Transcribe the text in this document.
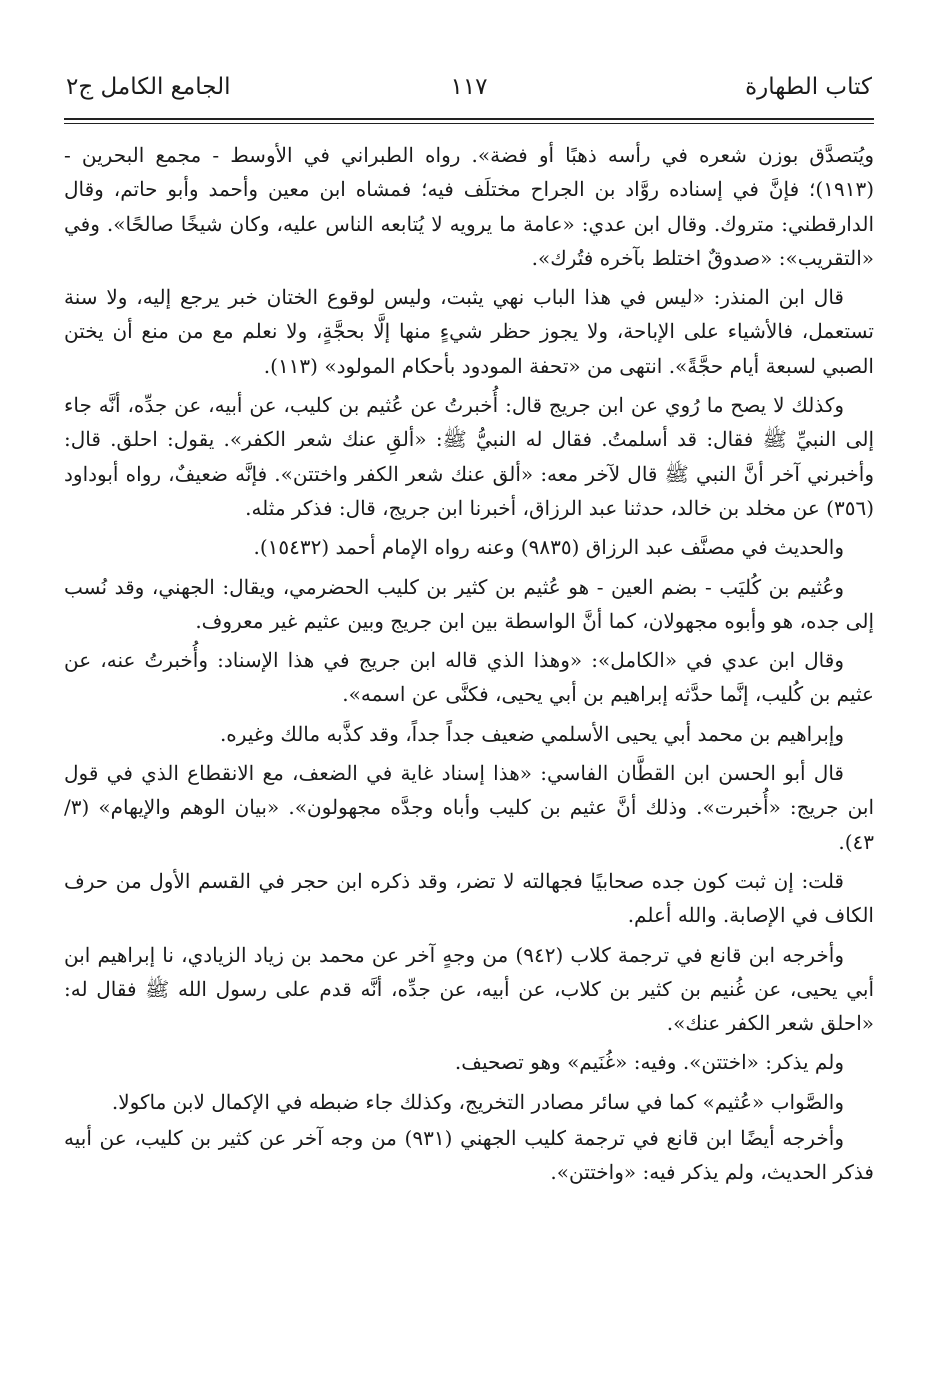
كتاب الطهارة
١١٧
الجامع الكامل ج٢

ويُتصدَّق بوزن شعره في رأسه ذهبًا أو فضة». رواه الطبراني في الأوسط - مجمع البحرين - (١٩١٣)؛ فإنَّ في إسناده روَّاد بن الجراح مختلَف فيه؛ فمشاه ابن معين وأحمد وأبو حاتم، وقال الدارقطني: متروك. وقال ابن عدي: «عامة ما يرويه لا يُتابعه الناس عليه، وكان شيخًا صالحًا». وفي «التقريب»: «صدوقٌ اختلط بآخره فتُرك».

قال ابن المنذر: «ليس في هذا الباب نهي يثبت، وليس لوقوع الختان خبر يرجع إليه، ولا سنة تستعمل، فالأشياء على الإباحة، ولا يجوز حظر شيءٍ منها إلَّا بحجَّةٍ، ولا نعلم مع من منع أن يختن الصبي لسبعة أيام حجَّةً». انتهى من «تحفة المودود بأحكام المولود» (١١٣).

وكذلك لا يصح ما رُوي عن ابن جريج قال: أُخبرتُ عن عُثيم بن كليب، عن أبيه، عن جدِّه، أنَّه جاء إلى النبيِّ ﷺ فقال: قد أسلمتُ. فقال له النبيُّ ﷺ: «ألقِ عنك شعر الكفر». يقول: احلق. قال: وأخبرني آخر أنَّ النبي ﷺ قال لآخر معه: «ألق عنك شعر الكفر واختتن». فإنَّه ضعيفٌ، رواه أبوداود (٣٥٦) عن مخلد بن خالد، حدثنا عبد الرزاق، أخبرنا ابن جريج، قال: فذكر مثله.

والحديث في مصنَّف عبد الرزاق (٩٨٣٥) وعنه رواه الإمام أحمد (١٥٤٣٢).

وعُثيم بن كُليَب - بضم العين - هو عُثيم بن كثير بن كليب الحضرمي، ويقال: الجهني، وقد نُسب إلى جده، هو وأبوه مجهولان، كما أنَّ الواسطة بين ابن جريج وبين عثيم غير معروف.

وقال ابن عدي في «الكامل»: «وهذا الذي قاله ابن جريج في هذا الإسناد: وأُخبرتُ عنه، عن عثيم بن كُليب، إنَّما حدَّثه إبراهيم بن أبي يحيى، فكنَّى عن اسمه».

وإبراهيم بن محمد أبي يحيى الأسلمي ضعيف جداً جداً، وقد كذَّبه مالك وغيره.

قال أبو الحسن ابن القطَّان الفاسي: «هذا إسناد غاية في الضعف، مع الانقطاع الذي في قول ابن جريج: «أُخبرت». وذلك أنَّ عثيم بن كليب وأباه وجدَّه مجهولون». «بيان الوهم والإيهام» (٣/ ٤٣).

قلت: إن ثبت كون جده صحابيًا فجهالته لا تضر، وقد ذكره ابن حجر في القسم الأول من حرف الكاف في الإصابة. والله أعلم.

وأخرجه ابن قانع في ترجمة كلاب (٩٤٢) من وجهٍ آخر عن محمد بن زياد الزيادي، نا إبراهيم ابن أبي يحيى، عن غُنيم بن كثير بن كلاب، عن أبيه، عن جدِّه، أنَّه قدم على رسول الله ﷺ فقال له: «احلق شعر الكفر عنك».

ولم يذكر: «اختتن». وفيه: «غُنَيم» وهو تصحيف.

والصَّواب «عُثيم» كما في سائر مصادر التخريج، وكذلك جاء ضبطه في الإكمال لابن ماكولا.

وأخرجه أيضًا ابن قانع في ترجمة كليب الجهني (٩٣١) من وجه آخر عن كثير بن كليب، عن أبيه فذكر الحديث، ولم يذكر فيه: «واختتن».
